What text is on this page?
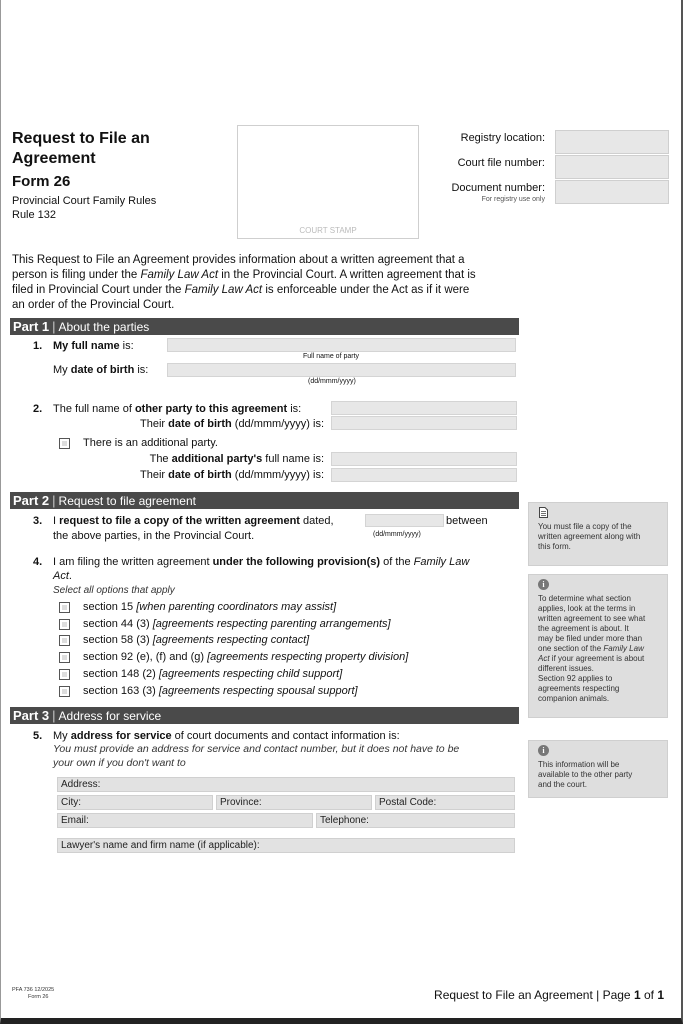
Request to File an
Agreement
Form 26
Provincial Court Family Rules
Rule 132
COURT STAMP
Registry location:
Court file number:
Document number:
For registry use only
This Request to File an Agreement provides information about a written agreement that a
person is filing under the Family Law Act in the Provincial Court. A written agreement that is
filed in Provincial Court under the Family Law Act is enforceable under the Act as if it were
an order of the Provincial Court.
Part 1 | About the parties
1. My full name is:
Full name of party
My date of birth is:
(dd/mmm/yyyy)
2. The full name of other party to this agreement is:
Their date of birth (dd/mmm/yyyy) is:
There is an additional party.
The additional party's full name is:
Their date of birth (dd/mmm/yyyy) is:
Part 2 | Request to file agreement
3. I request to file a copy of the written agreement dated,	between
the above parties, in the Provincial Court.	(dd/mmm/yyyy)
4. I am filing the written agreement under the following provision(s) of the Family Law
Act.
Select all options that apply
section 15 [when parenting coordinators may assist]
section 44 (3) [agreements respecting parenting arrangements]
section 58 (3) [agreements respecting contact]
section 92 (e), (f) and (g) [agreements respecting property division]
section 148 (2) [agreements respecting child support]
section 163 (3) [agreements respecting spousal support]
Part 3 | Address for service
5. My address for service of court documents and contact information is:
You must provide an address for service and contact number, but it does not have to be
your own if you don't want to
Address:
City:	Province:	Postal Code:
Email:	Telephone:
Lawyer's name and firm name (if applicable):
You must file a copy of the
written agreement along with
this form.
i
To determine what section
applies, look at the terms in
written agreement to see what
the agreement is about. It
may be filed under more than
one section of the Family Law
Act if your agreement is about
different issues.
Section 92 applies to
agreements respecting
companion animals.
i
This information will be
available to the other party
and the court.
PFA 736 12/2025
Form 26	Request to File an Agreement | Page 1 of 1
